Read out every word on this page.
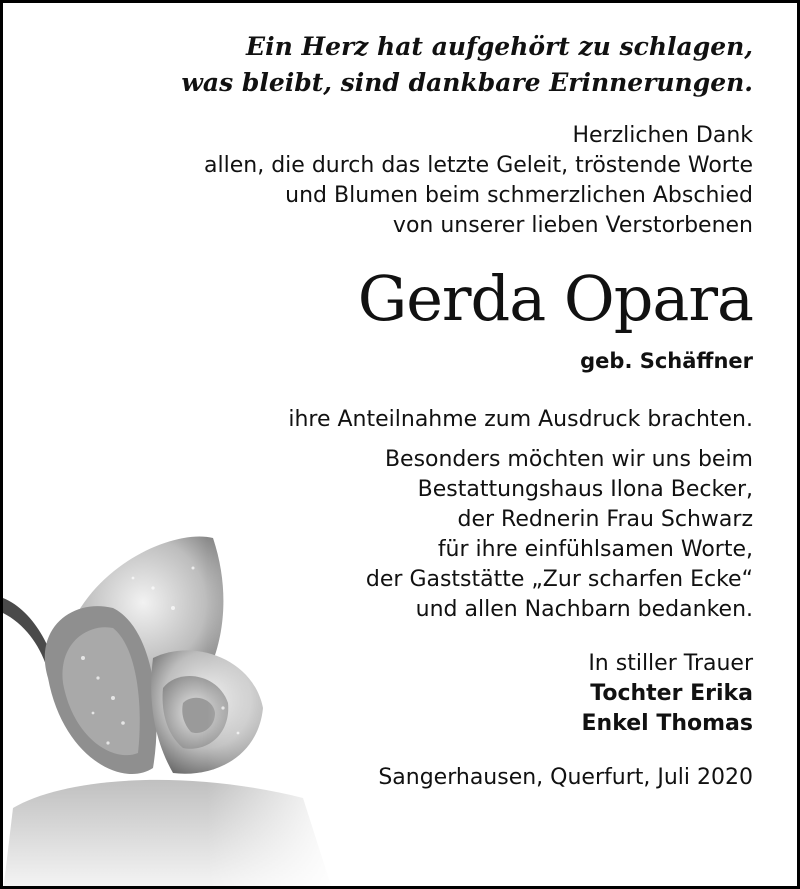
Ein Herz hat aufgehört zu schlagen,
was bleibt, sind dankbare Erinnerungen.
Herzlichen Dank
allen, die durch das letzte Geleit, tröstende Worte
und Blumen beim schmerzlichen Abschied
von unserer lieben Verstorbenen
Gerda Opara
geb. Schäffner
ihre Anteilnahme zum Ausdruck brachten.
Besonders möchten wir uns beim
Bestattungshaus Ilona Becker,
der Rednerin Frau Schwarz
für ihre einfühlsamen Worte,
der Gaststätte „Zur scharfen Ecke“
und allen Nachbarn bedanken.
In stiller Trauer
Tochter Erika
Enkel Thomas
Sangerhausen, Querfurt, Juli 2020
